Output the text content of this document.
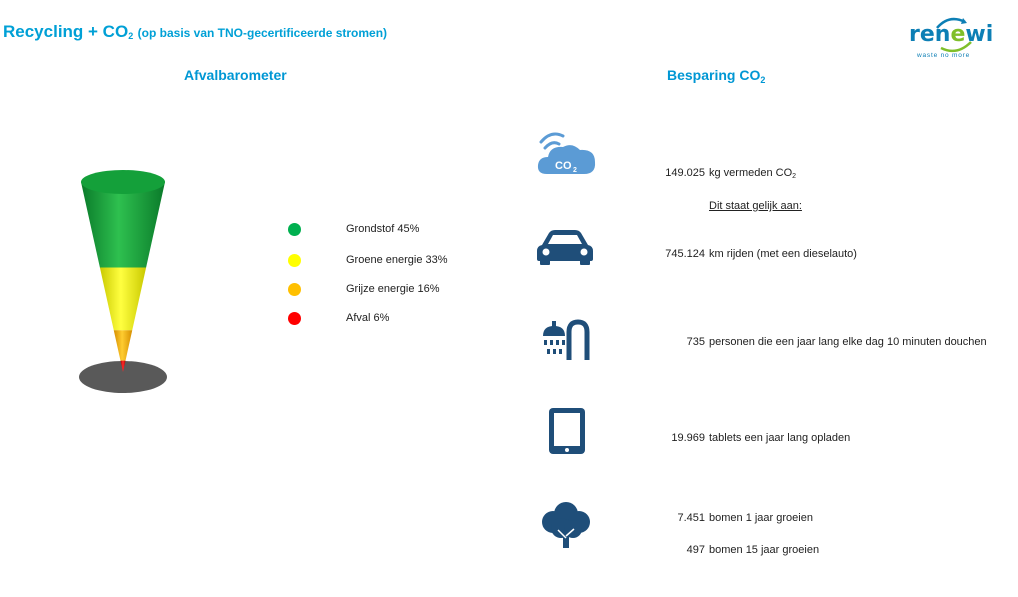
Recycling + $CO_2$ (op basis van TNO-gecertificeerde stromen)	renewi
waste no more
Afvalbarometer	Besparing $CO_2$
Grondstof 45%
Groene energie 33%
Grijze energie 16%
Afval 6%
CO 2	149.025 kg vermeden $CO_2$
Dit staat gelijk aan:
745.124 km rijden (met een dieselauto)
735 personen die een jaar lang elke dag 10 minuten douchen
19.969 tablets een jaar lang opladen
7.451 bomen 1 jaar groeien
497 bomen 15 jaar groeien
